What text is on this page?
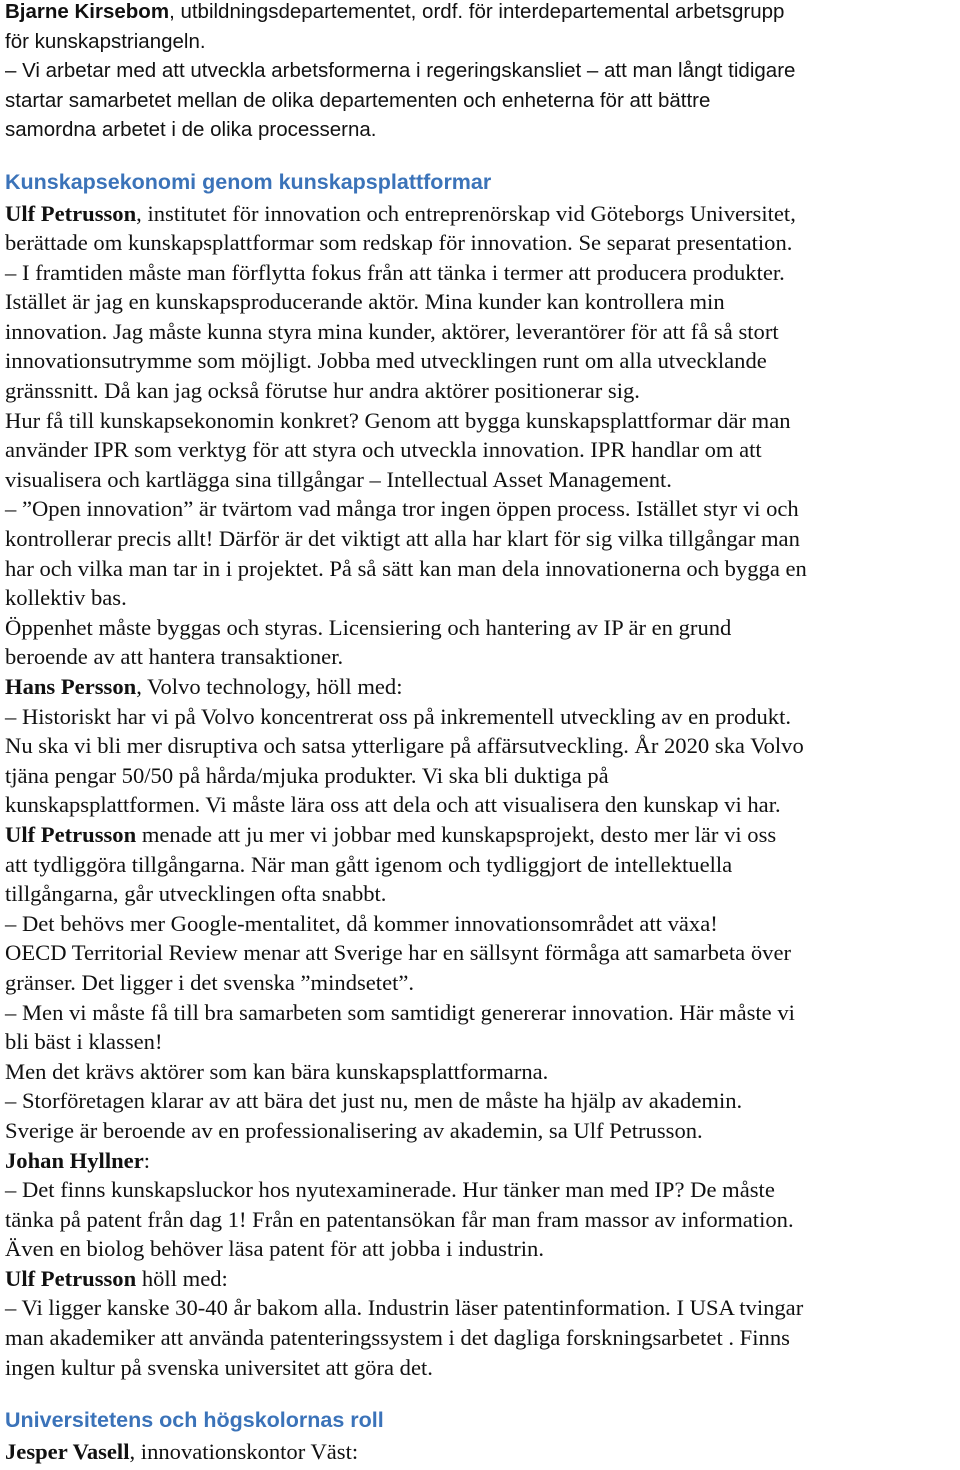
Bjarne Kirsebom, utbildningsdepartementet, ordf. för interdepartemental arbetsgrupp
för kunskapstriangeln.
– Vi arbetar med att utveckla arbetsformerna i regeringskansliet – att man långt tidigare
startar samarbetet mellan de olika departementen och enheterna för att bättre
samordna arbetet i de olika processerna.
Kunskapsekonomi genom kunskapsplattformar
Ulf Petrusson, institutet för innovation och entreprenörskap vid Göteborgs Universitet,
berättade om kunskapsplattformar som redskap för innovation. Se separat presentation.
– I framtiden måste man förflytta fokus från att tänka i termer att producera produkter.
Istället är jag en kunskapsproducerande aktör. Mina kunder kan kontrollera min
innovation. Jag måste kunna styra mina kunder, aktörer, leverantörer för att få så stort
innovationsutrymme som möjligt. Jobba med utvecklingen runt om alla utvecklande
gränssnitt. Då kan jag också förutse hur andra aktörer positionerar sig.
Hur få till kunskapsekonomin konkret? Genom att bygga kunskapsplattformar där man
använder IPR som verktyg för att styra och utveckla innovation. IPR handlar om att
visualisera och kartlägga sina tillgångar – Intellectual Asset Management.
– ”Open innovation” är tvärtom vad många tror ingen öppen process. Istället styr vi och
kontrollerar precis allt! Därför är det viktigt att alla har klart för sig vilka tillgångar man
har och vilka man tar in i projektet. På så sätt kan man dela innovationerna och bygga en
kollektiv bas.
Öppenhet måste byggas och styras. Licensiering och hantering av IP är en grund
beroende av att hantera transaktioner.
Hans Persson, Volvo technology, höll med:
– Historiskt har vi på Volvo koncentrerat oss på inkrementell utveckling av en produkt.
Nu ska vi bli mer disruptiva och satsa ytterligare på affärsutveckling. År 2020 ska Volvo
tjäna pengar 50/50 på hårda/mjuka produkter. Vi ska bli duktiga på
kunskapsplattformen. Vi måste lära oss att dela och att visualisera den kunskap vi har.
Ulf Petrusson menade att ju mer vi jobbar med kunskapsprojekt, desto mer lär vi oss
att tydliggöra tillgångarna. När man gått igenom och tydliggjort de intellektuella
tillgångarna, går utvecklingen ofta snabbt.
– Det behövs mer Google-mentalitet, då kommer innovationsområdet att växa!
OECD Territorial Review menar att Sverige har en sällsynt förmåga att samarbeta över
gränser. Det ligger i det svenska ”mindsetet”.
– Men vi måste få till bra samarbeten som samtidigt genererar innovation. Här måste vi
bli bäst i klassen!
Men det krävs aktörer som kan bära kunskapsplattformarna.
– Storföretagen klarar av att bära det just nu, men de måste ha hjälp av akademin.
Sverige är beroende av en professionalisering av akademin, sa Ulf Petrusson.
Johan Hyllner:
– Det finns kunskapsluckor hos nyutexaminerade. Hur tänker man med IP? De måste
tänka på patent från dag 1! Från en patentansökan får man fram massor av information.
Även en biolog behöver läsa patent för att jobba i industrin.
Ulf Petrusson höll med:
– Vi ligger kanske 30-40 år bakom alla. Industrin läser patentinformation. I USA tvingar
man akademiker att använda patenteringssystem i det dagliga forskningsarbetet . Finns
ingen kultur på svenska universitet att göra det.
Universitetens och högskolornas roll
Jesper Vasell, innovationskontor Väst:
